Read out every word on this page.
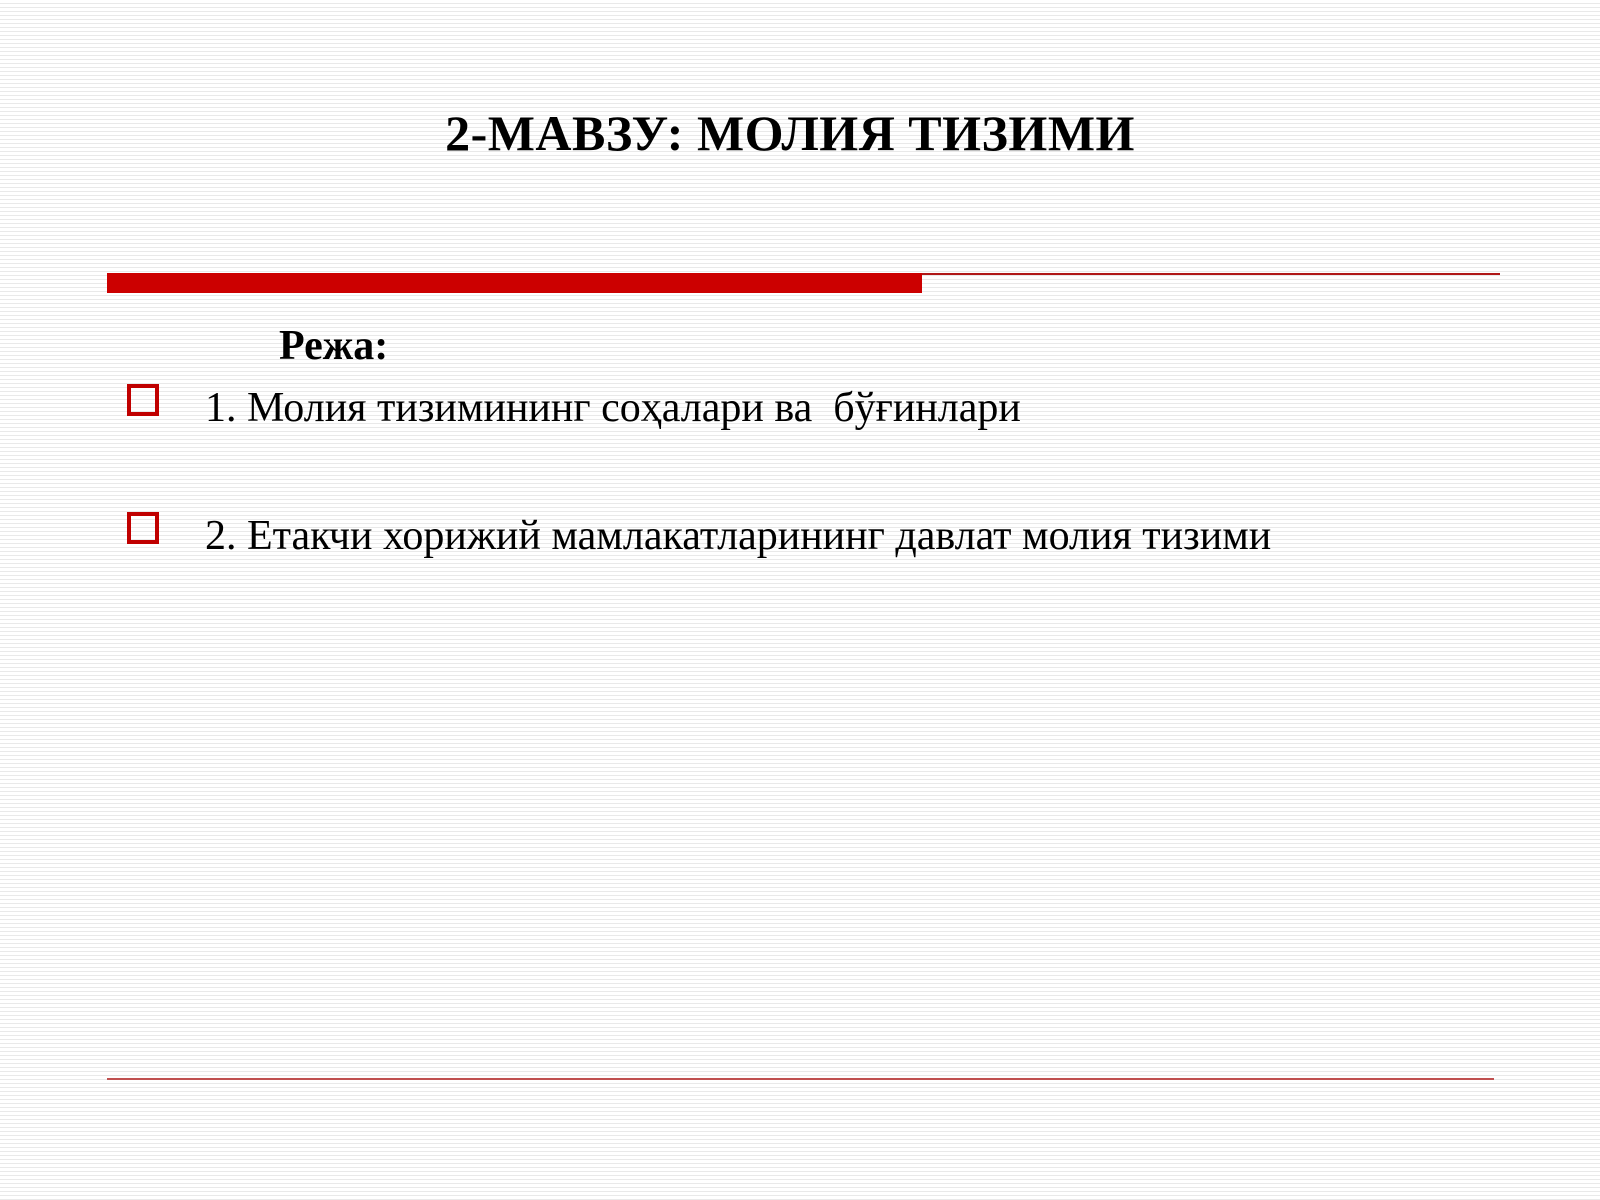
2-МАВЗУ: МОЛИЯ ТИЗИМИ
Режа:
1. Молия тизимининг соҳалари ва  бўғинлари
2. Етакчи хорижий мамлакатларининг давлат молия тизими
